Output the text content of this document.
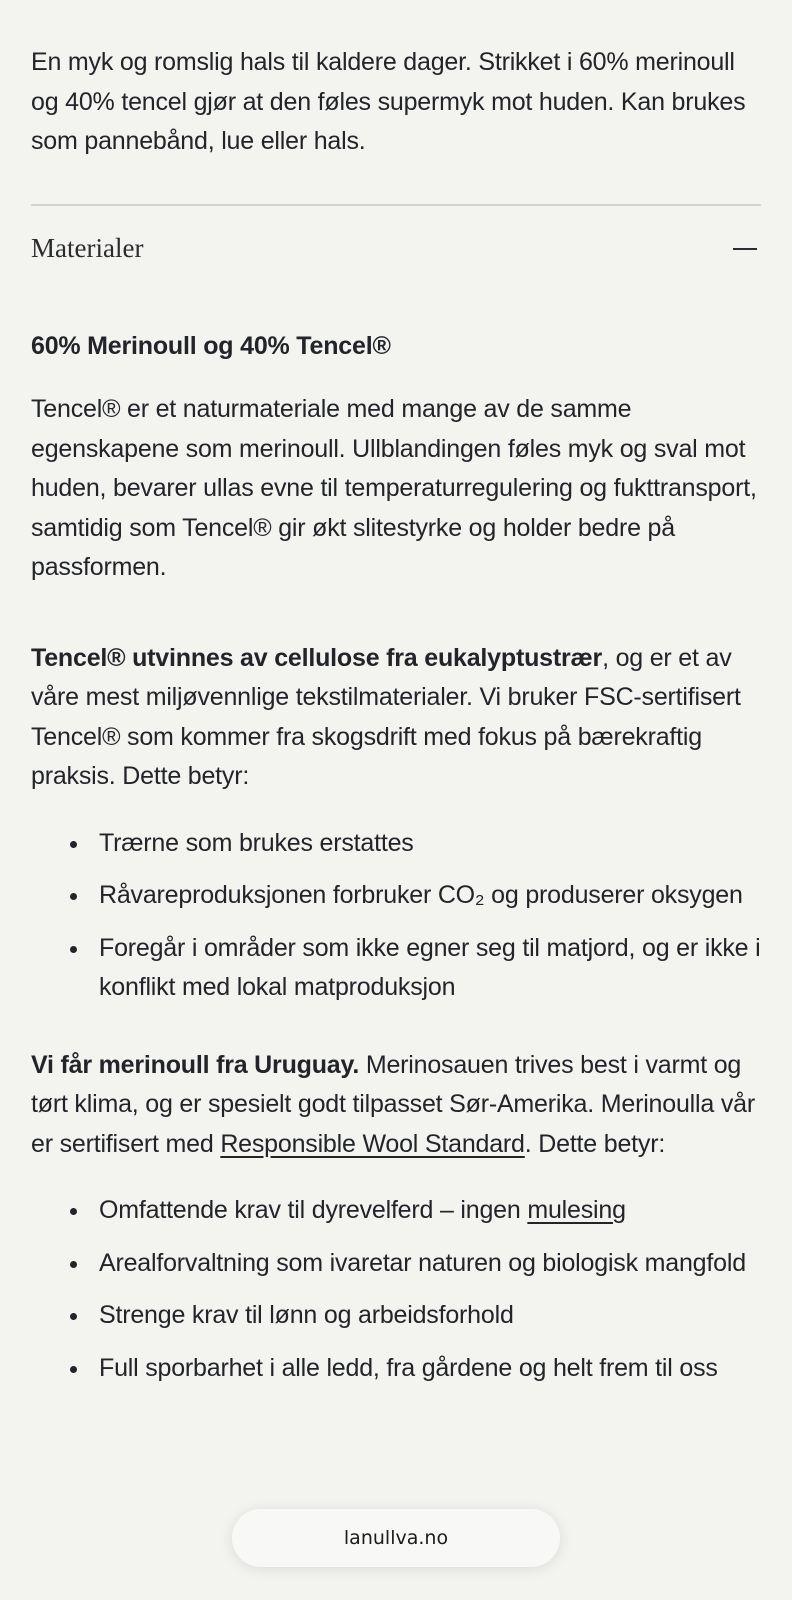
En myk og romslig hals til kaldere dager. Strikket i 60% merinoull og 40% tencel gjør at den føles supermyk mot huden. Kan brukes som pannebånd, lue eller hals.

Materialer

60% Merinoull og 40% Tencel®

Tencel® er et naturmateriale med mange av de samme egenskapene som merinoull. Ullblandingen føles myk og sval mot huden, bevarer ullas evne til temperaturregulering og fukttransport, samtidig som Tencel® gir økt slitestyrke og holder bedre på passformen.

Tencel® utvinnes av cellulose fra eukalyptustrær, og er et av våre mest miljøvennlige tekstilmaterialer. Vi bruker FSC-sertifisert Tencel® som kommer fra skogsdrift med fokus på bærekraftig praksis. Dette betyr:

Trærne som brukes erstattes
Råvareproduksjonen forbruker CO₂ og produserer oksygen
Foregår i områder som ikke egner seg til matjord, og er ikke i konflikt med lokal matproduksjon

Vi får merinoull fra Uruguay. Merinosauen trives best i varmt og tørt klima, og er spesielt godt tilpasset Sør-Amerika. Merinoulla vår er sertifisert med Responsible Wool Standard. Dette betyr:

Omfattende krav til dyrevelferd – ingen mulesing
Arealforvaltning som ivaretar naturen og biologisk mangfold
Strenge krav til lønn og arbeidsforhold
Full sporbarhet i alle ledd, fra gårdene og helt frem til oss
lanullva.no
